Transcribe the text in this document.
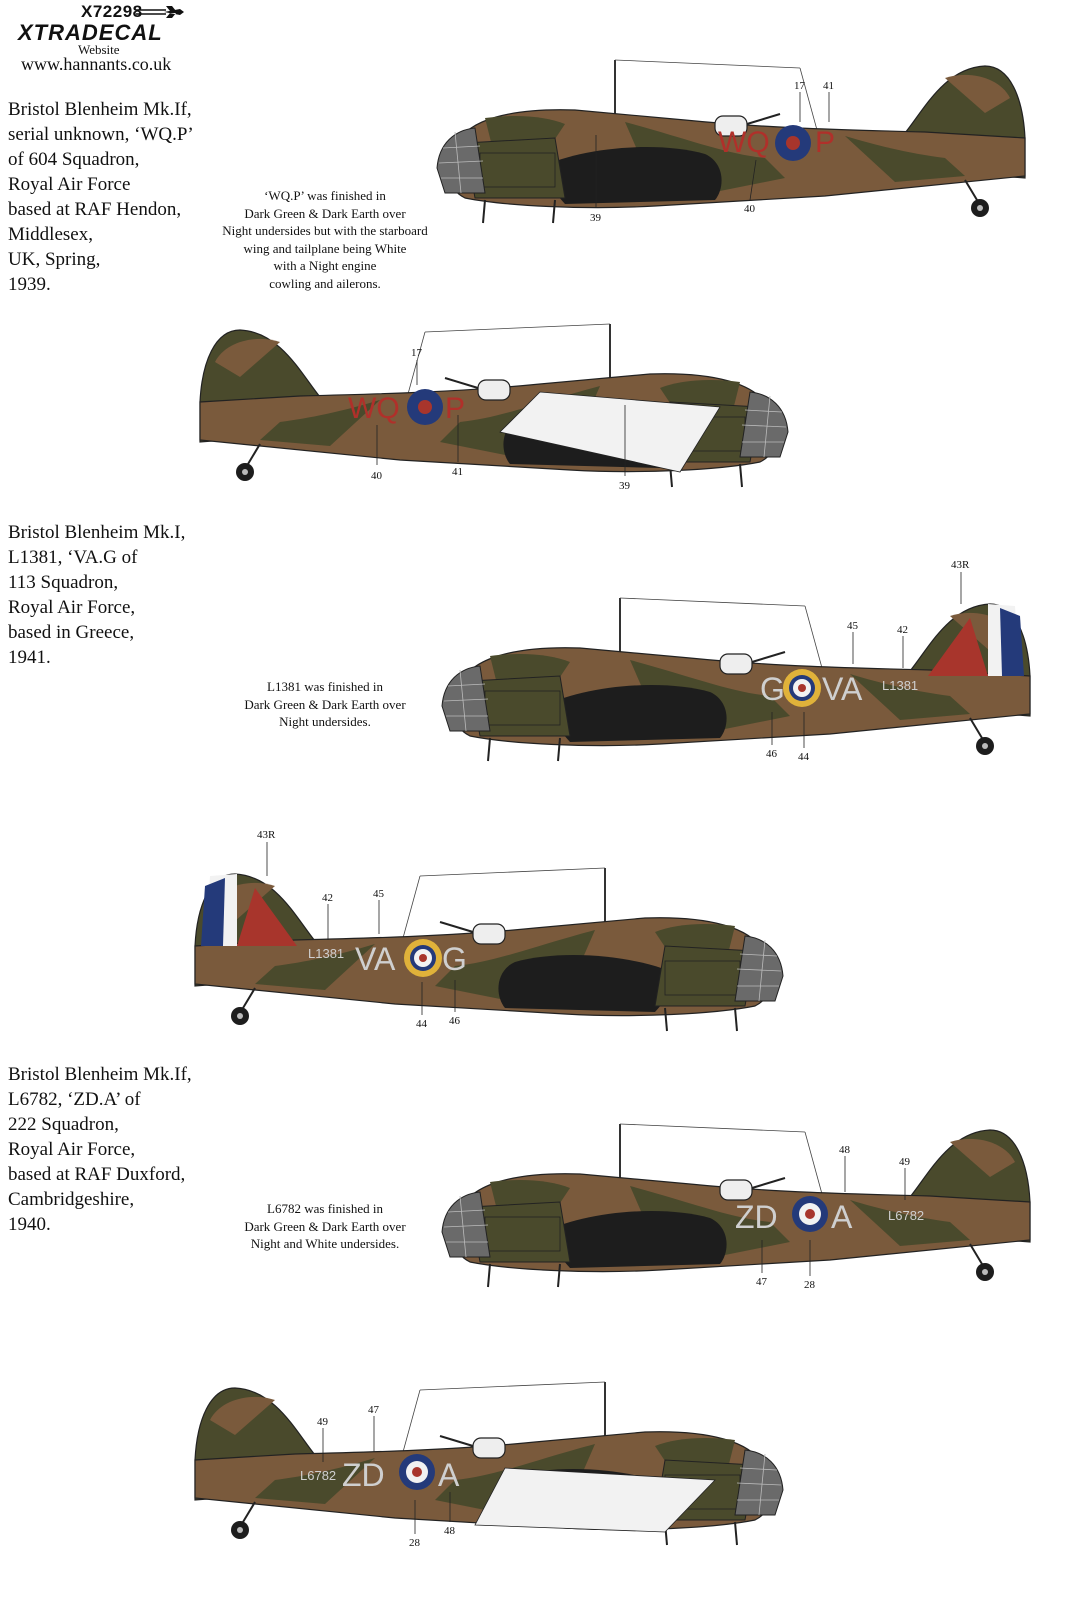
X72298
XTRADECAL
Website
www.hannants.co.uk
Bristol Blenheim Mk.If,
serial unknown, ‘WQ.P’
of 604 Squadron,
Royal Air Force
based at RAF Hendon,
Middlesex,
UK, Spring,
1939.
‘WQ.P’ was finished in
Dark Green & Dark Earth over
Night undersides but with the starboard
wing and tailplane being White
with a Night engine
cowling and ailerons.
Bristol Blenheim Mk.I,
L1381, ‘VA.G of
113 Squadron,
Royal Air Force,
based in Greece,
1941.
L1381 was finished in
Dark Green & Dark Earth over
Night undersides.
Bristol Blenheim Mk.If,
L6782, ‘ZD.A’ of
222 Squadron,
Royal Air Force,
based at RAF Duxford,
Cambridgeshire,
1940.
L6782 was finished in
Dark Green & Dark Earth over
Night and White undersides.
WQ P
WQ P
G VA L1381
VA G
L1381
ZD A	L6782
ZD A
L6782
17 41
39
40
17
40	41
39
43R
45	42
46 44
43R
42	45
44 46
48
49
47	28
49
47
28
48
